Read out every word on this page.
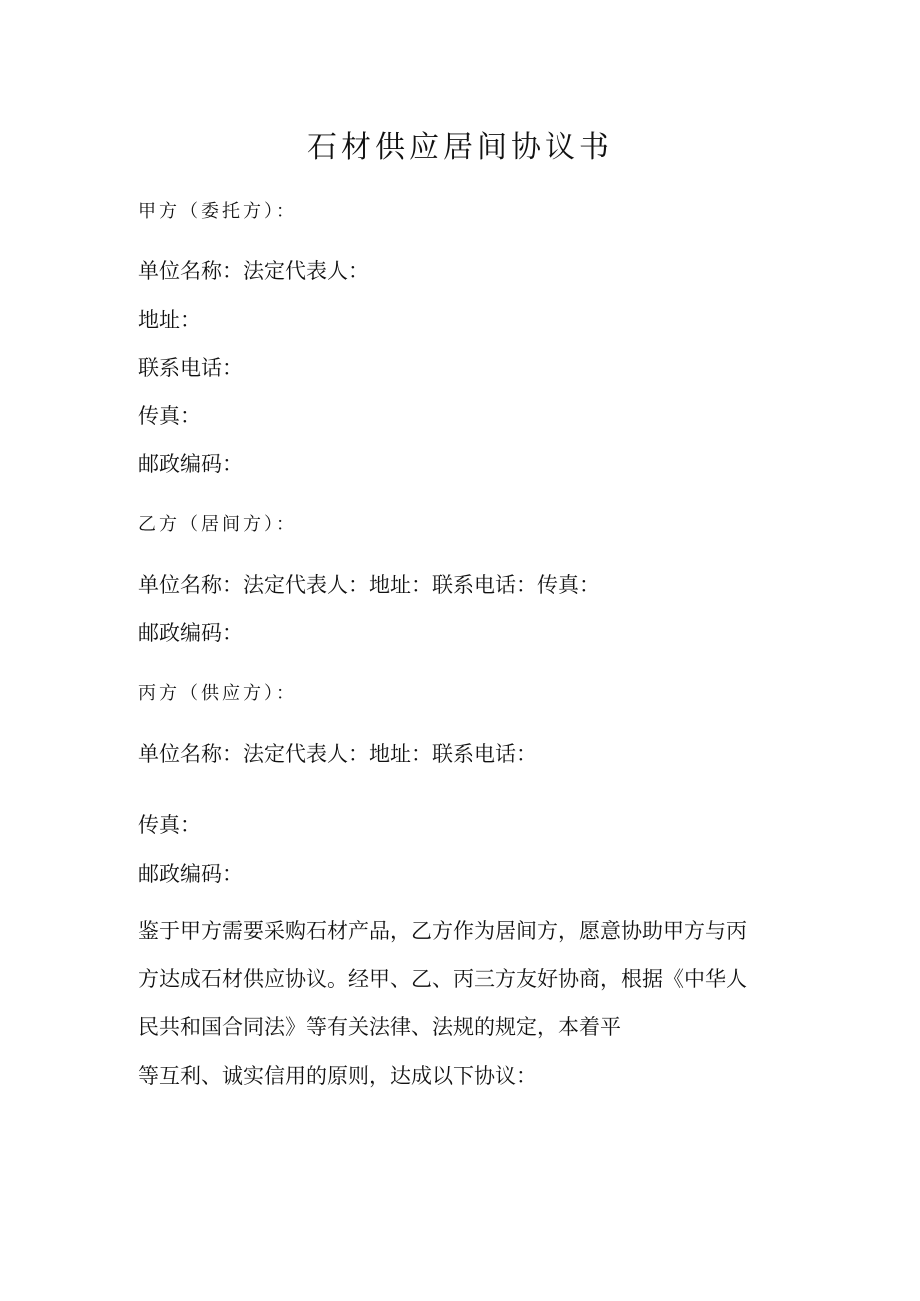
石材供应居间协议书
甲方（委托方）：
单位名称：法定代表人：
地址：
联系电话：
传真：
邮政编码：
乙方（居间方）：
单位名称：法定代表人：地址：联系电话：传真：
邮政编码：
丙方（供应方）：
单位名称：法定代表人：地址：联系电话：
传真：
邮政编码：
鉴于甲方需要采购石材产品，乙方作为居间方，愿意协助甲方与丙
方达成石材供应协议。经甲、乙、丙三方友好协商，根据《中华人
民共和国合同法》等有关法律、法规的规定，本着平
等互利、诚实信用的原则，达成以下协议：
